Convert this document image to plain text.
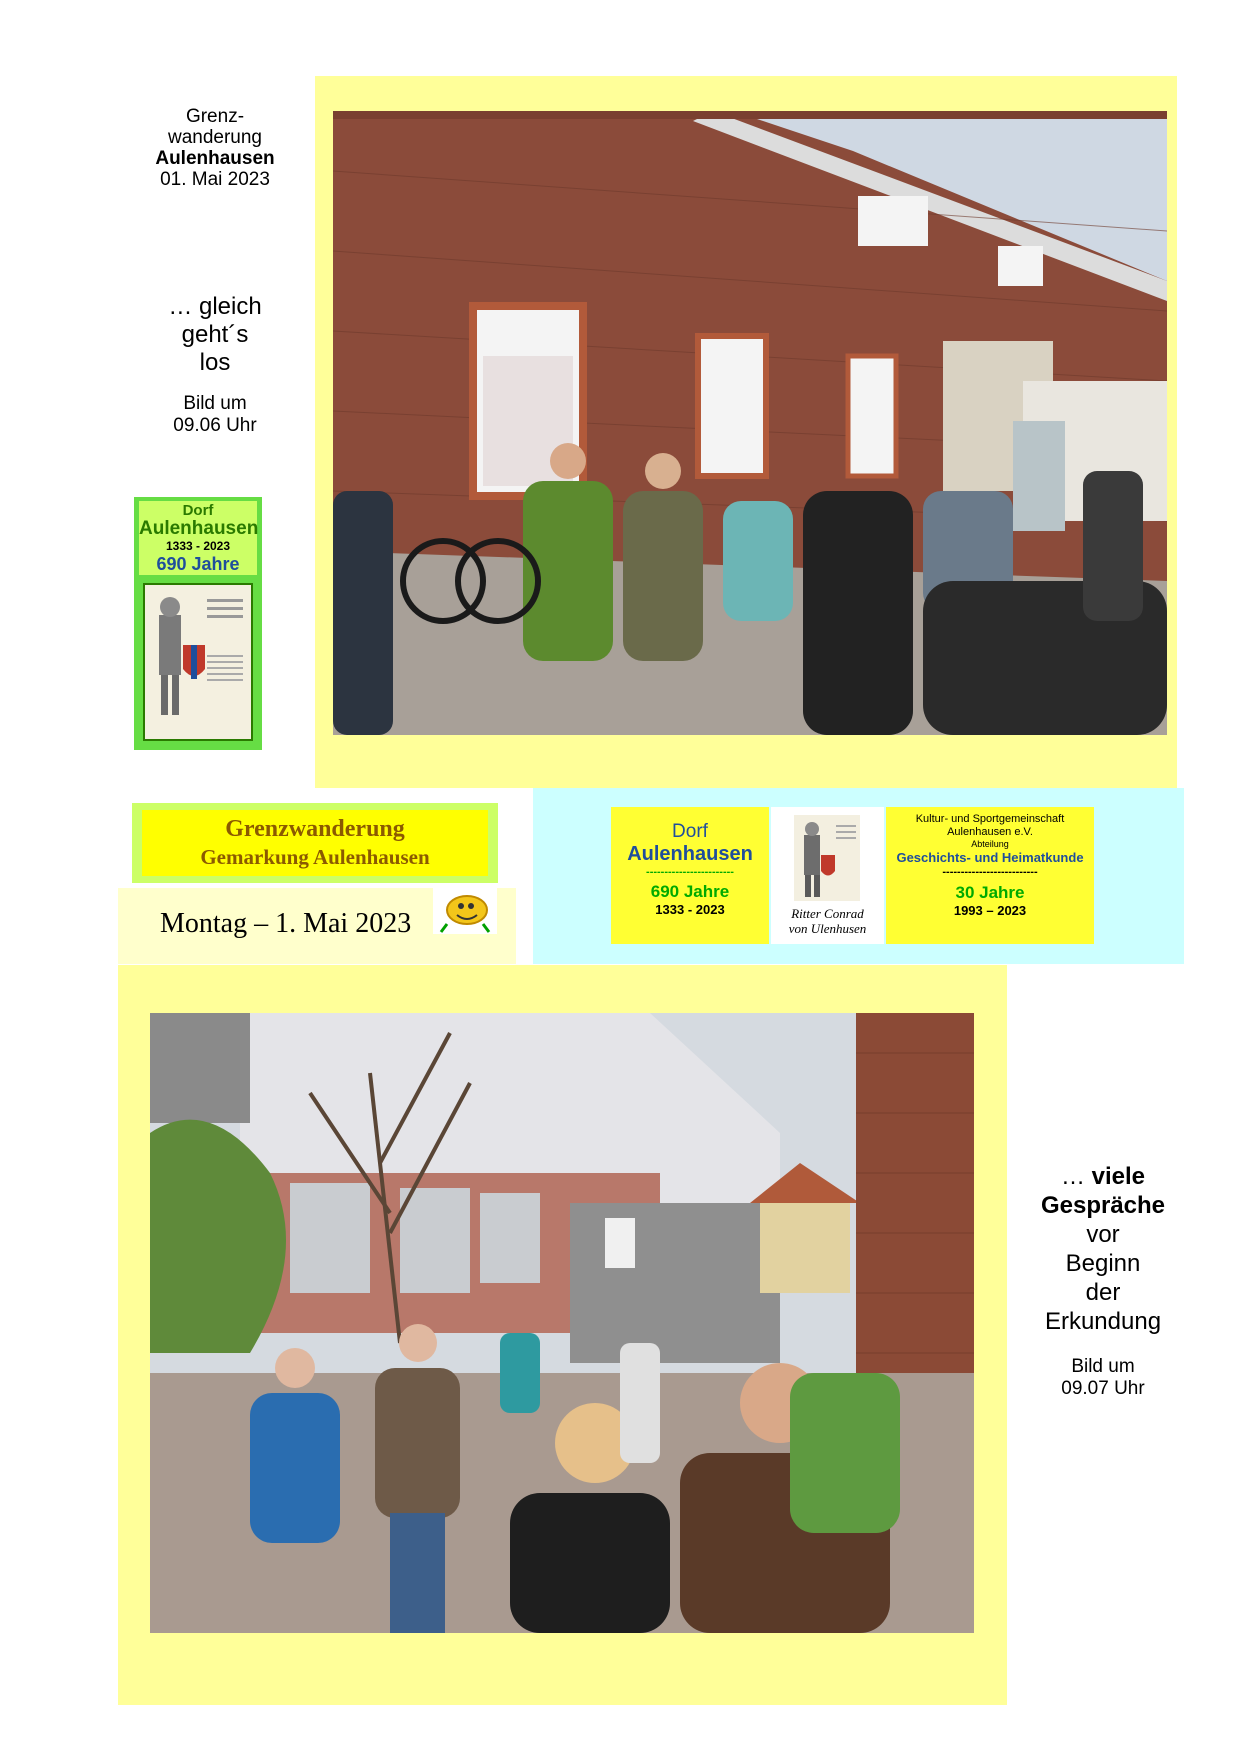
Grenz-
wanderung
Aulenhausen
01. Mai 2023
… gleich
geht´s
los
Bild um
09.06 Uhr
Dorf
Aulenhausen
1333 - 2023
690 Jahre
Grenzwanderung
Gemarkung Aulenhausen
Montag – 1. Mai 2023
Dorf
Aulenhausen
------------------------
690 Jahre
1333 - 2023	Ritter Conrad
von Ulenhusen
Kultur- und Sportgemeinschaft
Aulenhausen e.V.
Abteilung
Geschichts- und Heimatkunde
--------------------------
30 Jahre
1993 – 2023
… viele
Gespräche
vor
Beginn
der
Erkundung
Bild um
09.07 Uhr
